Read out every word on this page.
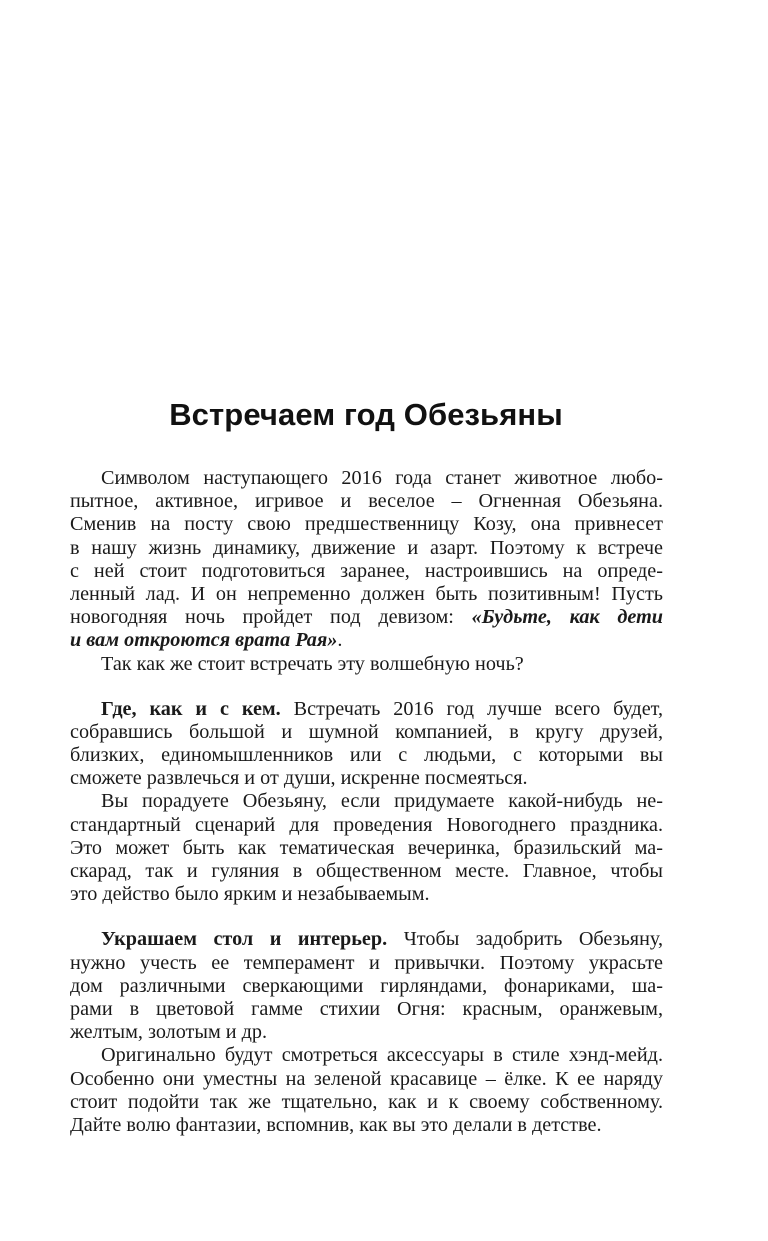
Встречаем год Обезьяны
Символом наступающего 2016 года станет животное любо-
пытное, активное, игривое и веселое – Огненная Обезьяна.
Сменив на посту свою предшественницу Козу, она привнесет
в нашу жизнь динамику, движение и азарт. Поэтому к встрече
с ней стоит подготовиться заранее, настроившись на опреде-
ленный лад. И он непременно должен быть позитивным! Пусть
новогодняя ночь пройдет под девизом: «Будьте, как дети
и вам откроются врата Рая».
Так как же стоит встречать эту волшебную ночь?
Где, как и с кем. Встречать 2016 год лучше всего будет,
собравшись большой и шумной компанией, в кругу друзей,
близких, единомышленников или с людьми, с которыми вы
сможете развлечься и от души, искренне посмеяться.
Вы порадуете Обезьяну, если придумаете какой-нибудь не-
стандартный сценарий для проведения Новогоднего праздника.
Это может быть как тематическая вечеринка, бразильский ма-
скарад, так и гуляния в общественном месте. Главное, чтобы
это действо было ярким и незабываемым.
Украшаем стол и интерьер. Чтобы задобрить Обезьяну,
нужно учесть ее темперамент и привычки. Поэтому украсьте
дом различными сверкающими гирляндами, фонариками, ша-
рами в цветовой гамме стихии Огня: красным, оранжевым,
желтым, золотым и др.
Оригинально будут смотреться аксессуары в стиле хэнд-мейд.
Особенно они уместны на зеленой красавице – ёлке. К ее наряду
стоит подойти так же тщательно, как и к своему собственному.
Дайте волю фантазии, вспомнив, как вы это делали в детстве.
